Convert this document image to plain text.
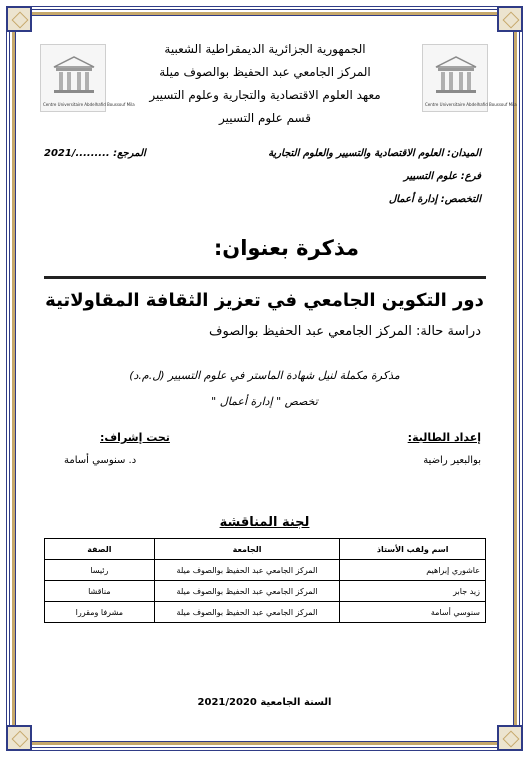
Centre Universitaire Abdelhafid Boussouf Mila	Centre Universitaire Abdelhafid Boussouf Mila
الجمهورية الجزائرية الديمقراطية الشعبية
المركز الجامعي عبد الحفيظ بوالصوف ميلة
معهد العلوم الاقتصادية والتجارية وعلوم التسيير
قسم علوم التسيير
الميدان: العلوم الاقتصادية والتسيير والعلوم التجارية
فرع: علوم التسيير
التخصص: إدارة أعمال
المرجع: ........./2021
مذكرة بعنوان:
دور التكوين الجامعي في تعزيز الثقافة المقاولاتية
دراسة حالة: المركز الجامعي عبد الحفيظ بوالصوف
مذكرة مكملة لنيل شهادة الماستر في علوم التسيير (ل.م.د)
تخصص " إدارة أعمال "
إعداد الطالبة:
بوالبعير راضية
تحت إشراف:
د. سنوسي أسامة
لجنة المناقشة
اسم ولقب الأستاذ	الجامعة	الصفة
عاشوري إبراهيم	المركز الجامعي عبد الحفيظ بوالصوف ميلة	رئيسا
زيد جابر	المركز الجامعي عبد الحفيظ بوالصوف ميلة	مناقشا
سنوسي أسامة	المركز الجامعي عبد الحفيظ بوالصوف ميلة	مشرفا ومقررا
السنة الجامعية 2021/2020
